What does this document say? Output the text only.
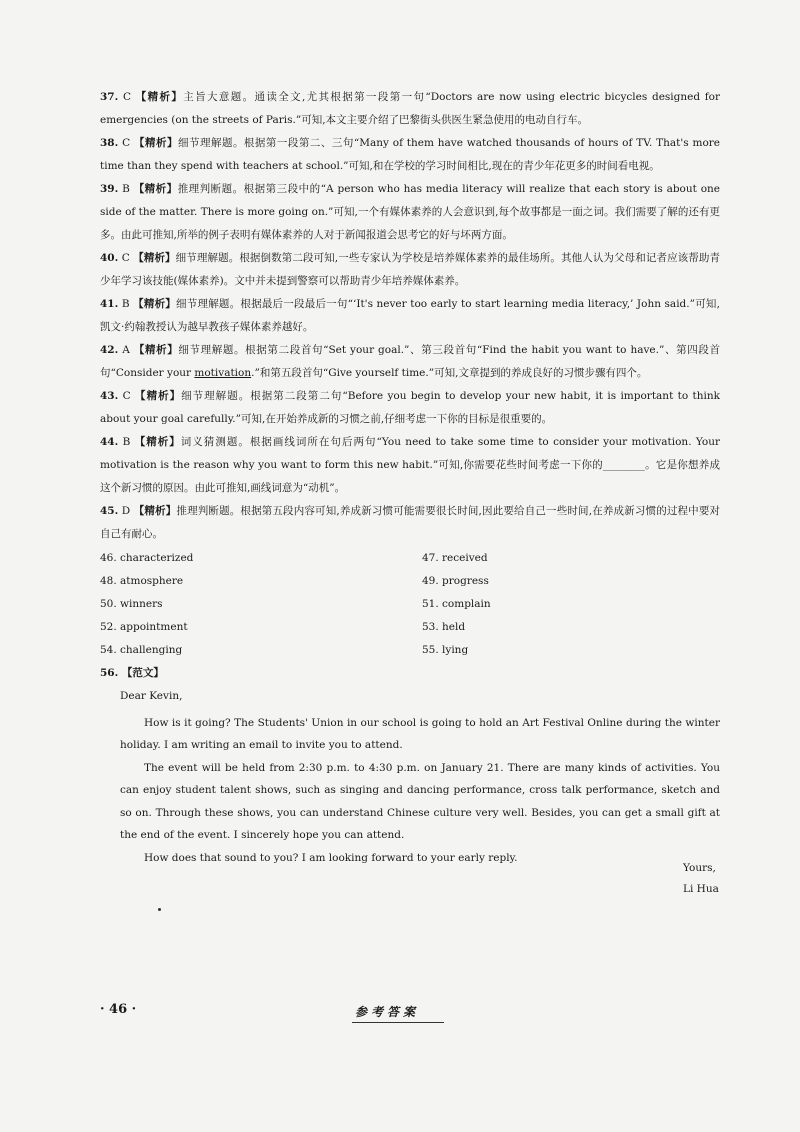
37. C 【精析】主旨大意题。通读全文,尤其根据第一段第一句“Doctors are now using electric bicycles designed for emergencies (on the streets of Paris.”可知,本文主要介绍了巴黎街头供医生紧急使用的电动自行车。

38. C 【精析】细节理解题。根据第一段第二、三句“Many of them have watched thousands of hours of TV. That's more time than they spend with teachers at school.”可知,和在学校的学习时间相比,现在的青少年花更多的时间看电视。

39. B 【精析】推理判断题。根据第三段中的“A person who has media literacy will realize that each story is about one side of the matter. There is more going on.”可知,一个有媒体素养的人会意识到,每个故事都是一面之词。我们需要了解的还有更多。由此可推知,所举的例子表明有媒体素养的人对于新闻报道会思考它的好与坏两方面。

40. C 【精析】细节理解题。根据倒数第二段可知,一些专家认为学校是培养媒体素养的最佳场所。其他人认为父母和记者应该帮助青少年学习该技能(媒体素养)。文中并未提到警察可以帮助青少年培养媒体素养。

41. B 【精析】细节理解题。根据最后一段最后一句“‘It's never too early to start learning media literacy,’ John said.”可知,凯文·约翰教授认为越早教孩子媒体素养越好。

42. A 【精析】细节理解题。根据第二段首句“Set your goal.”、第三段首句“Find the habit you want to have.”、第四段首句“Consider your motivation.”和第五段首句“Give yourself time.”可知,文章提到的养成良好的习惯步骤有四个。

43. C 【精析】细节理解题。根据第二段第二句“Before you begin to develop your new habit, it is important to think about your goal carefully.”可知,在开始养成新的习惯之前,仔细考虑一下你的目标是很重要的。

44. B 【精析】词义猜测题。根据画线词所在句后两句“You need to take some time to consider your motivation. Your motivation is the reason why you want to form this new habit.”可知,你需要花些时间考虑一下你的________。它是你想养成这个新习惯的原因。由此可推知,画线词意为“动机”。

45. D 【精析】推理判断题。根据第五段内容可知,养成新习惯可能需要很长时间,因此要给自己一些时间,在养成新习惯的过程中要对自己有耐心。

46. characterized	47. received
48. atmosphere	49. progress
50. winners	51. complain
52. appointment	53. held
54. challenging	55. lying
56. 【范文】

Dear Kevin,

How is it going? The Students' Union in our school is going to hold an Art Festival Online during the winter holiday. I am writing an email to invite you to attend.

The event will be held from 2:30 p.m. to 4:30 p.m. on January 21. There are many kinds of activities. You can enjoy student talent shows, such as singing and dancing performance, cross talk performance, sketch and so on. Through these shows, you can understand Chinese culture very well. Besides, you can get a small gift at the end of the event. I sincerely hope you can attend.

How does that sound to you? I am looking forward to your early reply.

Yours,
Li Hua
· 46 ·	参考答案
